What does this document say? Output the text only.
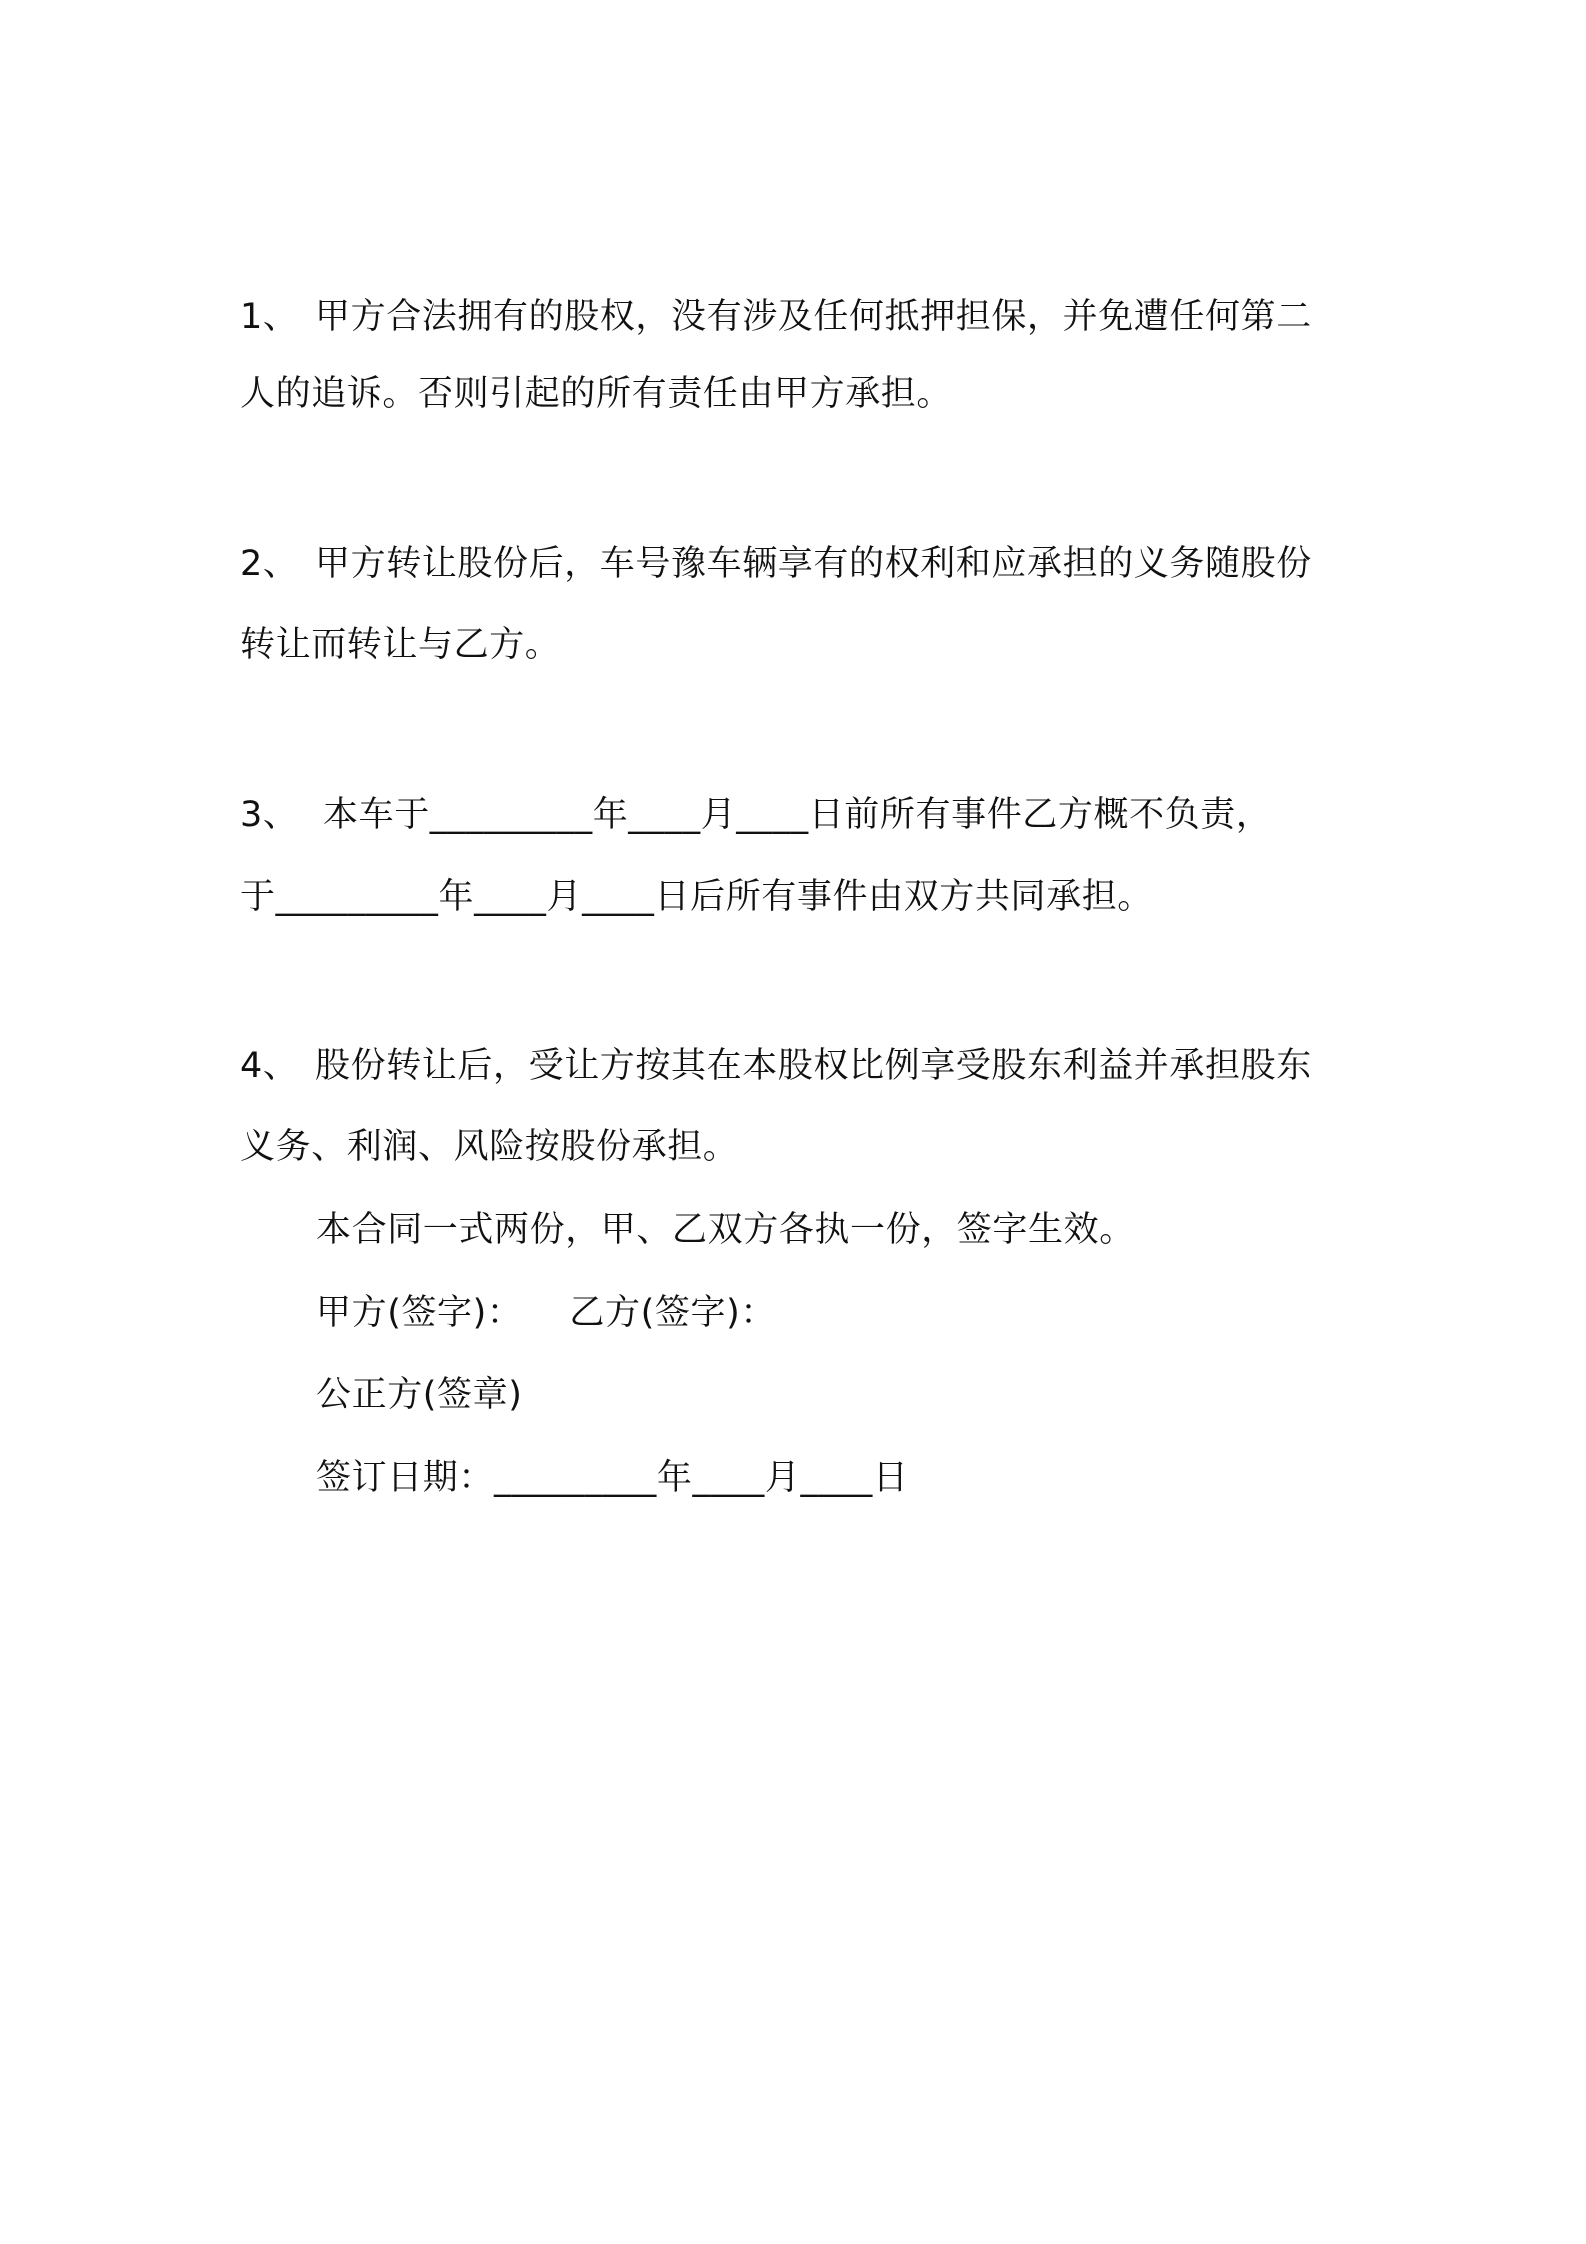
1、 甲方合法拥有的股权，没有涉及任何抵押担保，并免遭任何第二
人的追诉。否则引起的所有责任由甲方承担。
2、 甲方转让股份后，车号豫车辆享有的权利和应承担的义务随股份
转让而转让与乙方。
3、 本车于_________年____月____日前所有事件乙方概不负责，
于_________年____月____日后所有事件由双方共同承担。
4、 股份转让后，受让方按其在本股权比例享受股东利益并承担股东
义务、利润、风险按股份承担。
本合同一式两份，甲、乙双方各执一份，签字生效。
甲方(签字)：    乙方(签字)：
公正方(签章)
签订日期：_________年____月____日
